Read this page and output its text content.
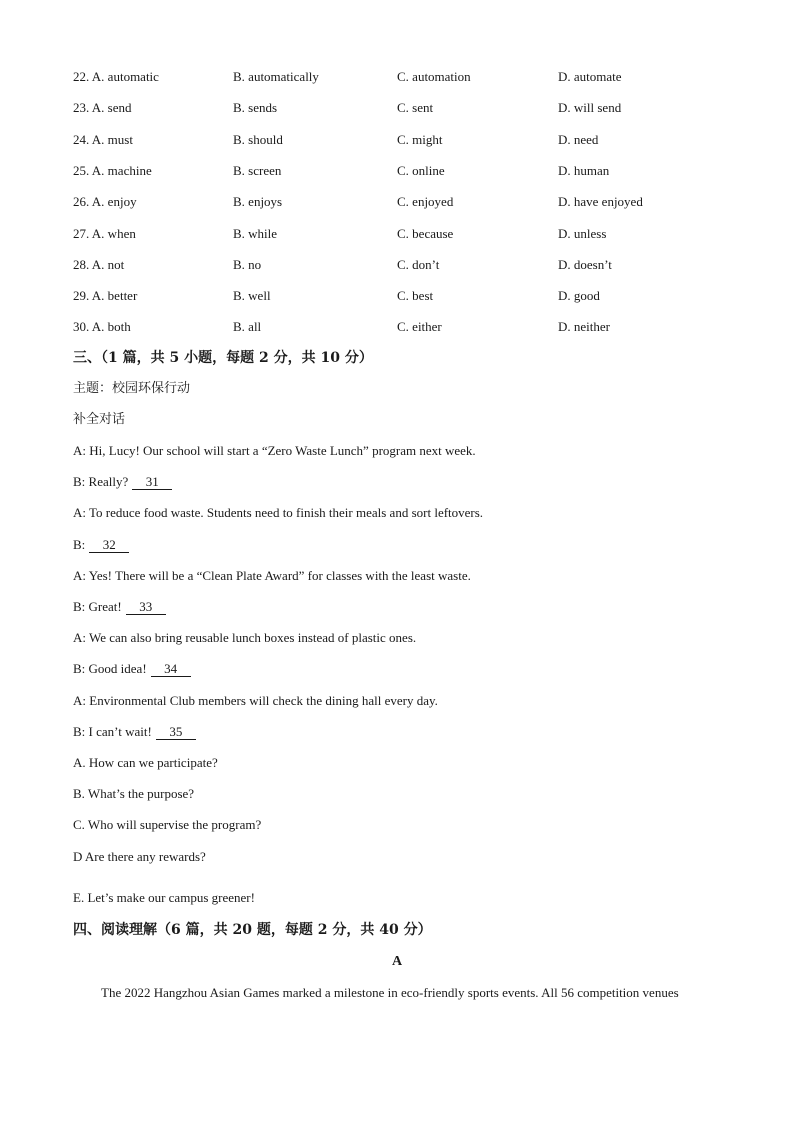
22. A. automatic	B. automatically	C. automation	D. automate
23. A. send	B. sends	C. sent	D. will send
24. A. must	B. should	C. might	D. need
25. A. machine	B. screen	C. online	D. human
26. A. enjoy	B. enjoys	C. enjoyed	D. have enjoyed
27. A. when	B. while	C. because	D. unless
28. A. not	B. no	C. don’t	D. doesn’t
29. A. better	B. well	C. best	D. good
30. A. both	B. all	C. either	D. neither
三、（1 篇，共 5 小题，每题 2 分，共 10 分）
主题：校园环保行动
补全对话
A: Hi, Lucy! Our school will start a “Zero Waste Lunch” program next week.
B: Really? 31
A: To reduce food waste. Students need to finish their meals and sort leftovers.
B: 32
A: Yes! There will be a “Clean Plate Award” for classes with the least waste.
B: Great! 33
A: We can also bring reusable lunch boxes instead of plastic ones.
B: Good idea! 34
A: Environmental Club members will check the dining hall every day.
B: I can’t wait! 35
A. How can we participate?
B. What’s the purpose?
C. Who will supervise the program?
D Are there any rewards?
E. Let’s make our campus greener!
四、阅读理解（6 篇，共 20 题，每题 2 分，共 40 分）
A
The 2022 Hangzhou Asian Games marked a milestone in eco-friendly sports events. All 56 competition venues
